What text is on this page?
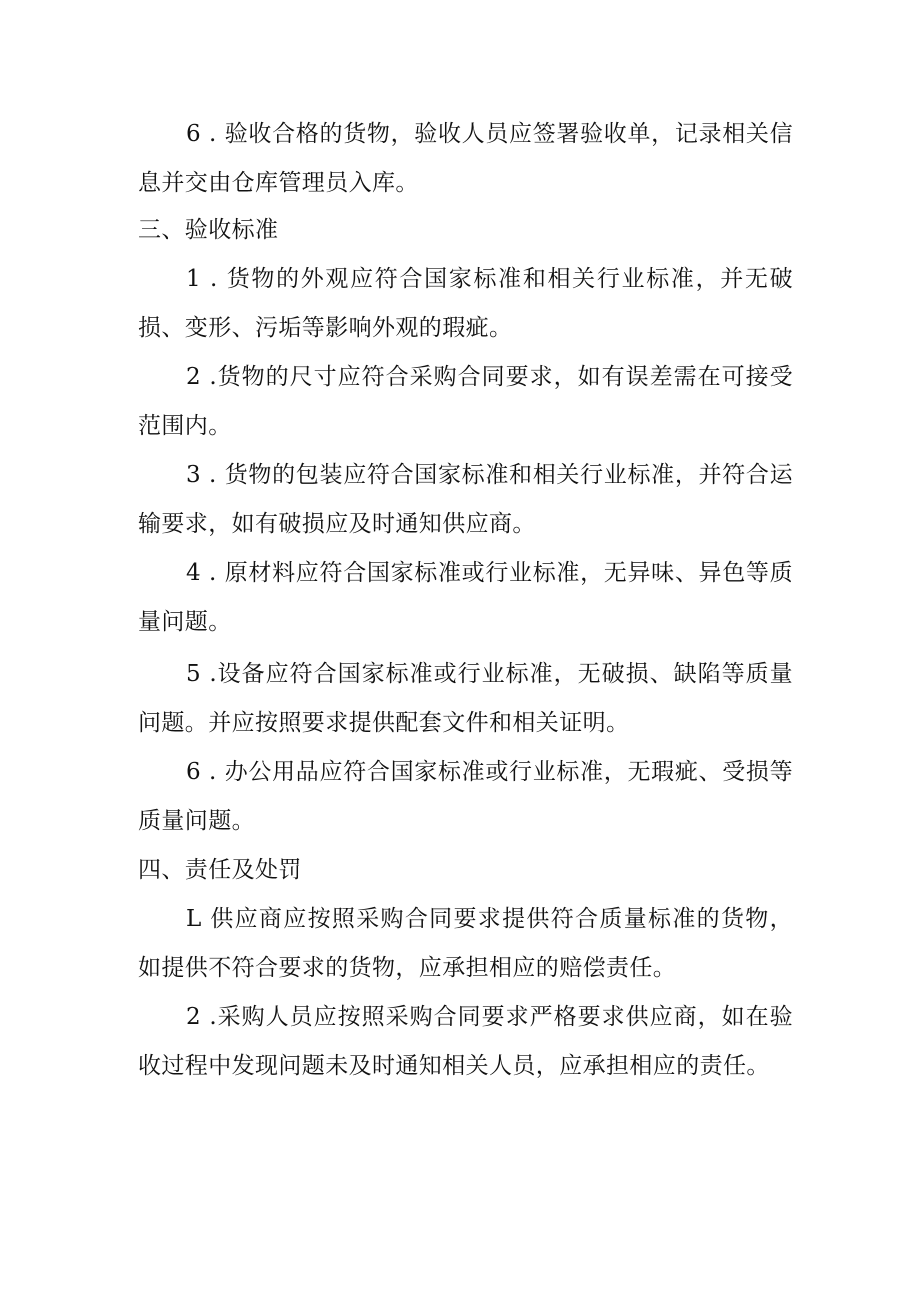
6 . 验收合格的货物，验收人员应签署验收单，记录相关信息并交由仓库管理员入库。
三、验收标准
1 . 货物的外观应符合国家标准和相关行业标准，并无破损、变形、污垢等影响外观的瑕疵。
2 .货物的尺寸应符合采购合同要求，如有误差需在可接受范围内。
3 . 货物的包装应符合国家标准和相关行业标准，并符合运输要求，如有破损应及时通知供应商。
4 . 原材料应符合国家标准或行业标准，无异味、异色等质量问题。
5 .设备应符合国家标准或行业标准，无破损、缺陷等质量问题。并应按照要求提供配套文件和相关证明。
6 . 办公用品应符合国家标准或行业标准，无瑕疵、受损等质量问题。
四、责任及处罚
L 供应商应按照采购合同要求提供符合质量标准的货物，如提供不符合要求的货物，应承担相应的赔偿责任。
2 .采购人员应按照采购合同要求严格要求供应商，如在验收过程中发现问题未及时通知相关人员，应承担相应的责任。
